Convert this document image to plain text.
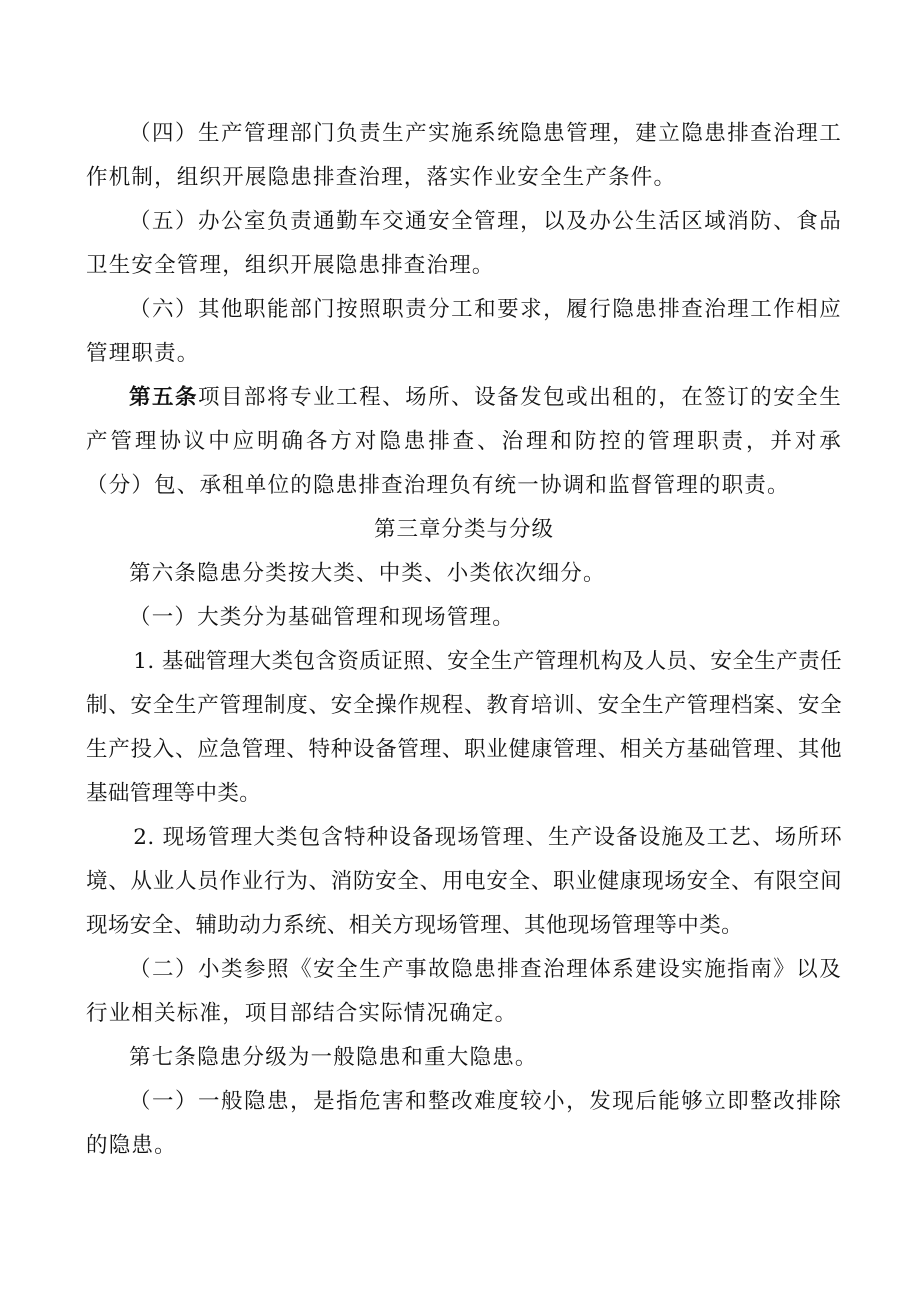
（四）生产管理部门负责生产实施系统隐患管理，建立隐患排查治理工作机制，组织开展隐患排查治理，落实作业安全生产条件。

（五）办公室负责通勤车交通安全管理，以及办公生活区域消防、食品卫生安全管理，组织开展隐患排查治理。

（六）其他职能部门按照职责分工和要求，履行隐患排查治理工作相应管理职责。

第五条项目部将专业工程、场所、设备发包或出租的，在签订的安全生产管理协议中应明确各方对隐患排查、治理和防控的管理职责，并对承（分）包、承租单位的隐患排查治理负有统一协调和监督管理的职责。

第三章分类与分级

第六条隐患分类按大类、中类、小类依次细分。

（一）大类分为基础管理和现场管理。

1. 基础管理大类包含资质证照、安全生产管理机构及人员、安全生产责任制、安全生产管理制度、安全操作规程、教育培训、安全生产管理档案、安全生产投入、应急管理、特种设备管理、职业健康管理、相关方基础管理、其他基础管理等中类。

2. 现场管理大类包含特种设备现场管理、生产设备设施及工艺、场所环境、从业人员作业行为、消防安全、用电安全、职业健康现场安全、有限空间现场安全、辅助动力系统、相关方现场管理、其他现场管理等中类。

（二）小类参照《安全生产事故隐患排查治理体系建设实施指南》以及行业相关标准，项目部结合实际情况确定。

第七条隐患分级为一般隐患和重大隐患。

（一）一般隐患，是指危害和整改难度较小，发现后能够立即整改排除的隐患。
